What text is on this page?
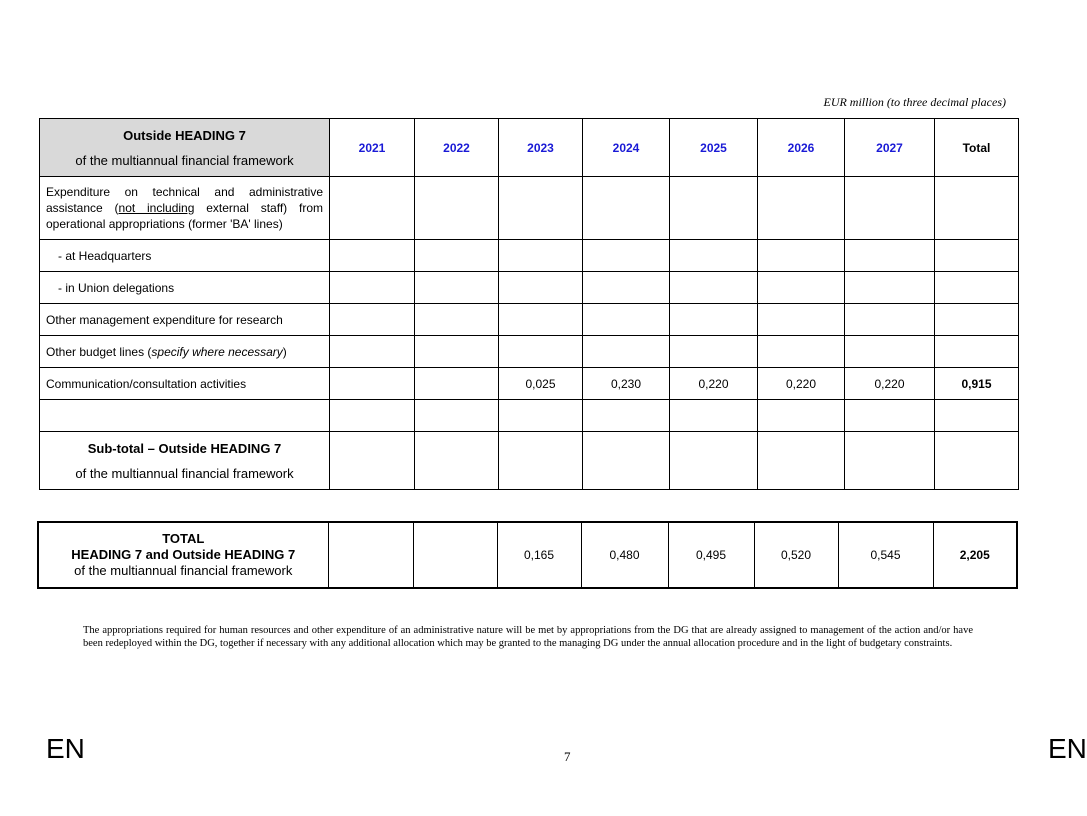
EUR million (to three decimal places)
Outside HEADING 7
of the multiannual financial framework	2021	2022	2023	2024	2025	2026	2027	Total
Expenditure on technical and administrative assistance (not including external staff) from operational appropriations (former 'BA' lines)								
- at Headquarters								
- in Union delegations								
Other management expenditure for research								
Other budget lines (specify where necessary)								
Communication/consultation activities			0,025	0,230	0,220	0,220	0,220	0,915

Sub-total – Outside HEADING 7
of the multiannual financial framework								

TOTAL
HEADING 7 and Outside HEADING 7
of the multiannual financial framework			0,165	0,480	0,495	0,520	0,545	2,205
The appropriations required for human resources and other expenditure of an administrative nature will be met by appropriations from the DG that are already assigned to management of the action and/or have been redeployed within the DG, together if necessary with any additional allocation which may be granted to the managing DG under the annual allocation procedure and in the light of budgetary constraints.
EN	7	EN
